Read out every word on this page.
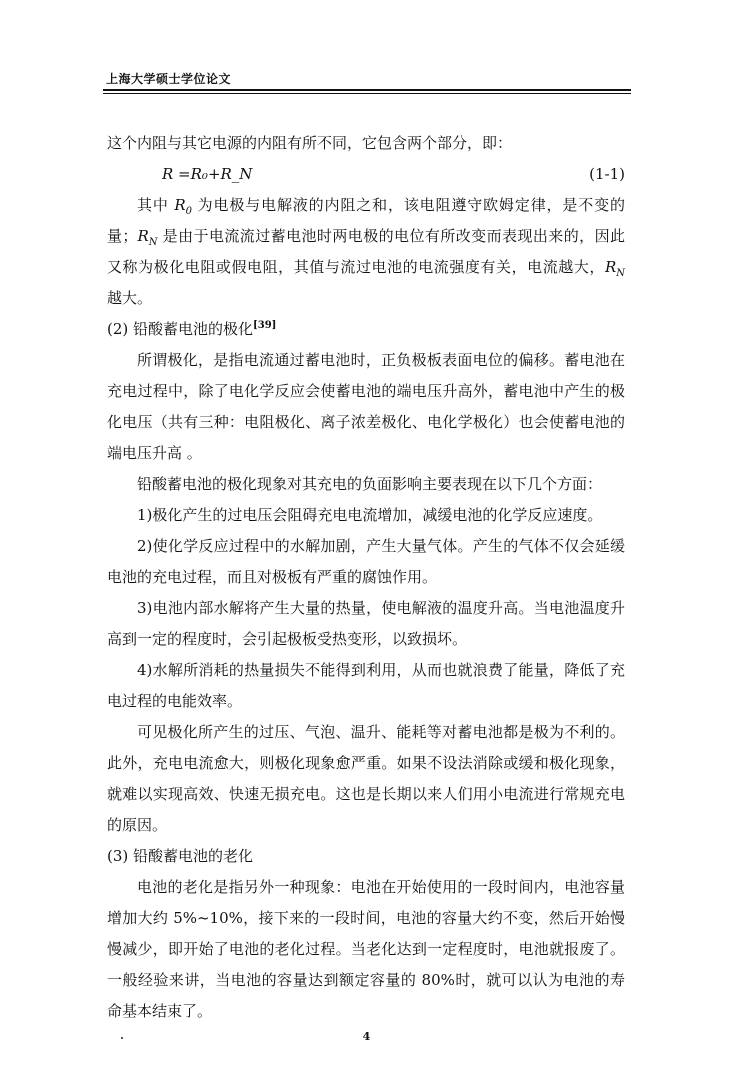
上海大学硕士学位论文

这个内阻与其它电源的内阻有所不同，它包含两个部分，即：

R =R₀+R_N	(1-1)

其中 $R_0$ 为电极与电解液的内阻之和，该电阻遵守欧姆定律，是不变的量；$R_N$ 是由于电流流过蓄电池时两电极的电位有所改变而表现出来的，因此又称为极化电阻或假电阻，其值与流过电池的电流强度有关，电流越大，$R_N$ 越大。

(2) 铅酸蓄电池的极化[39]

所谓极化，是指电流通过蓄电池时，正负极板表面电位的偏移。蓄电池在充电过程中，除了电化学反应会使蓄电池的端电压升高外，蓄电池中产生的极化电压（共有三种：电阻极化、离子浓差极化、电化学极化）也会使蓄电池的端电压升高 。

铅酸蓄电池的极化现象对其充电的负面影响主要表现在以下几个方面：

1)极化产生的过电压会阻碍充电电流增加，减缓电池的化学反应速度。

2)使化学反应过程中的水解加剧，产生大量气体。产生的气体不仅会延缓电池的充电过程，而且对极板有严重的腐蚀作用。

3)电池内部水解将产生大量的热量，使电解液的温度升高。当电池温度升高到一定的程度时，会引起极板受热变形，以致损坏。

4)水解所消耗的热量损失不能得到利用，从而也就浪费了能量，降低了充电过程的电能效率。

可见极化所产生的过压、气泡、温升、能耗等对蓄电池都是极为不利的。此外，充电电流愈大，则极化现象愈严重。如果不设法消除或缓和极化现象，就难以实现高效、快速无损充电。这也是长期以来人们用小电流进行常规充电的原因。

(3) 铅酸蓄电池的老化

电池的老化是指另外一种现象：电池在开始使用的一段时间内，电池容量增加大约 5%~10%，接下来的一段时间，电池的容量大约不变，然后开始慢慢减少，即开始了电池的老化过程。当老化达到一定程度时，电池就报废了。一般经验来讲，当电池的容量达到额定容量的 80%时，就可以认为电池的寿命基本结束了。

4
